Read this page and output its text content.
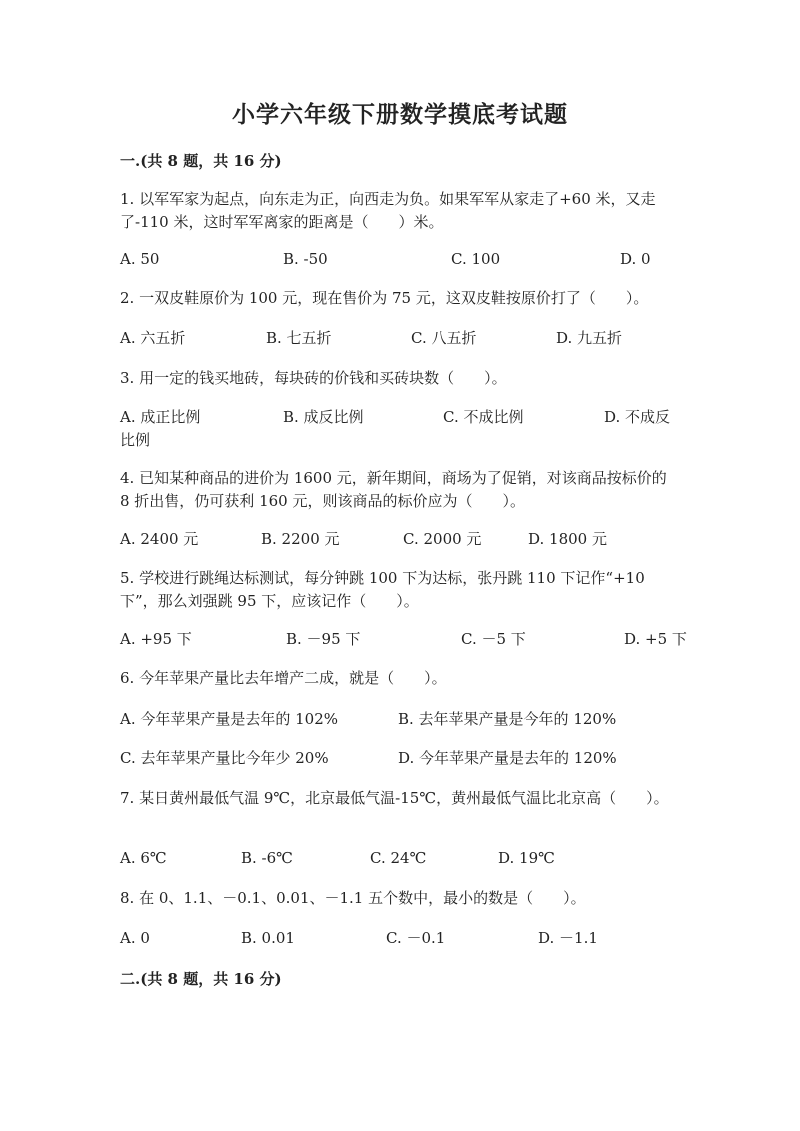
小学六年级下册数学摸底考试题
一.(共 8 题，共 16 分)
1. 以军军家为起点，向东走为正，向西走为负。如果军军从家走了+60 米，又走了-110 米，这时军军离家的距离是（　　）米。
A. 50	B. -50	C. 100	D. 0
2. 一双皮鞋原价为 100 元，现在售价为 75 元，这双皮鞋按原价打了（　　）。
A. 六五折	B. 七五折	C. 八五折	D. 九五折
3. 用一定的钱买地砖，每块砖的价钱和买砖块数（　　）。
A. 成正比例	B. 成反比例	C. 不成比例	D. 不成反比例
4. 已知某种商品的进价为 1600 元，新年期间，商场为了促销，对该商品按标价的 8 折出售，仍可获利 160 元，则该商品的标价应为（　　）。
A. 2400 元	B. 2200 元	C. 2000 元	D. 1800 元
5. 学校进行跳绳达标测试，每分钟跳 100 下为达标，张丹跳 110 下记作“+10下”，那么刘强跳 95 下，应该记作（　　）。
A. +95 下	B. －95 下	C. －5 下	D. +5 下
6. 今年苹果产量比去年增产二成，就是（　　）。
A. 今年苹果产量是去年的 102%	B. 去年苹果产量是今年的 120%
C. 去年苹果产量比今年少 20%	D. 今年苹果产量是去年的 120%
7. 某日黄州最低气温 9℃，北京最低气温-15℃，黄州最低气温比北京高（　　）。
A. 6℃	B. -6℃	C. 24℃	D. 19℃
8. 在 0、1.1、－0.1、0.01、－1.1 五个数中，最小的数是（　　）。
A. 0	B. 0.01	C. －0.1	D. －1.1
二.(共 8 题，共 16 分)
